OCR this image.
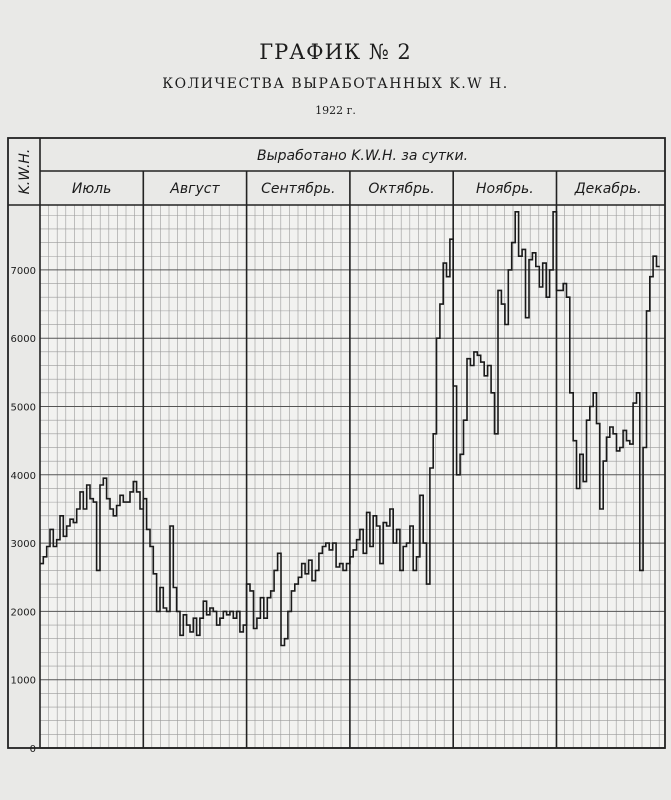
ГРАФИК № 2
КОЛИЧЕСТВА ВЫРАБОТАННЫХ K.W H.
1922 г.
Выработано K.W.H. за сутки.
K.W.H.	Июль	Август	Сентябрь. Октябрь.	Ноябрь.	Декабрь.
0
1000
2000
3000
4000
5000
6000
7000
